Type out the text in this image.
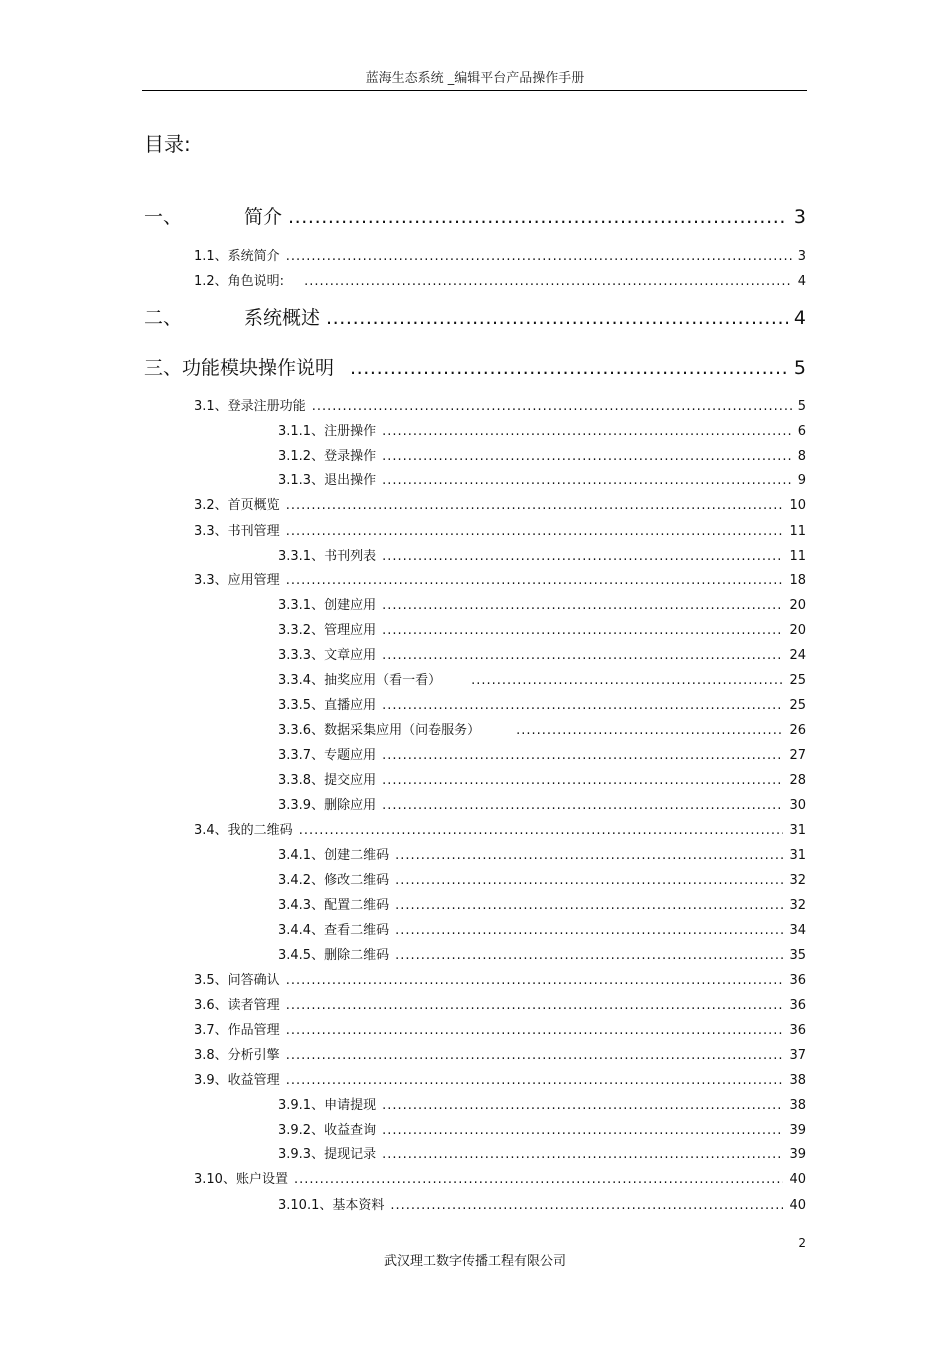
蓝海生态系统 _编辑平台产品操作手册
目录:
一、	简介 .....	3
二、	系统概述 .....	4
三、功能模块操作说明 .....	5
1.1、系统简介 .....	3
1.2、角色说明: .....	4
3.1、登录注册功能 .....	5
3.1.1、注册操作 .....	6
3.1.2、登录操作 .....	8
3.1.3、退出操作 .....	9
3.2、首页概览 .....	10
3.3、书刊管理 .....	11
3.3.1、书刊列表 .....	11
3.3、应用管理 .....	18
3.3.1、创建应用 .....	20
3.3.2、管理应用 .....	20
3.3.3、文章应用 .....	24
3.3.4、抽奖应用（看一看） .....	25
3.3.5、直播应用 .....	25
3.3.6、数据采集应用（问卷服务） .....	26
3.3.7、专题应用 .....	27
3.3.8、提交应用 .....	28
3.3.9、删除应用 .....	30
3.4、我的二维码 .....	31
3.4.1、创建二维码 .....	31
3.4.2、修改二维码 .....	32
3.4.3、配置二维码 .....	32
3.4.4、查看二维码 .....	34
3.4.5、删除二维码 .....	35
3.5、问答确认 .....	36
3.6、读者管理 .....	36
3.7、作品管理 .....	36
3.8、分析引擎 .....	37
3.9、收益管理 .....	38
3.9.1、申请提现 .....	38
3.9.2、收益查询 .....	39
3.9.3、提现记录 .....	39
3.10、账户设置 .....	40
3.10.1、基本资料 .....	40
2
武汉理工数字传播工程有限公司
